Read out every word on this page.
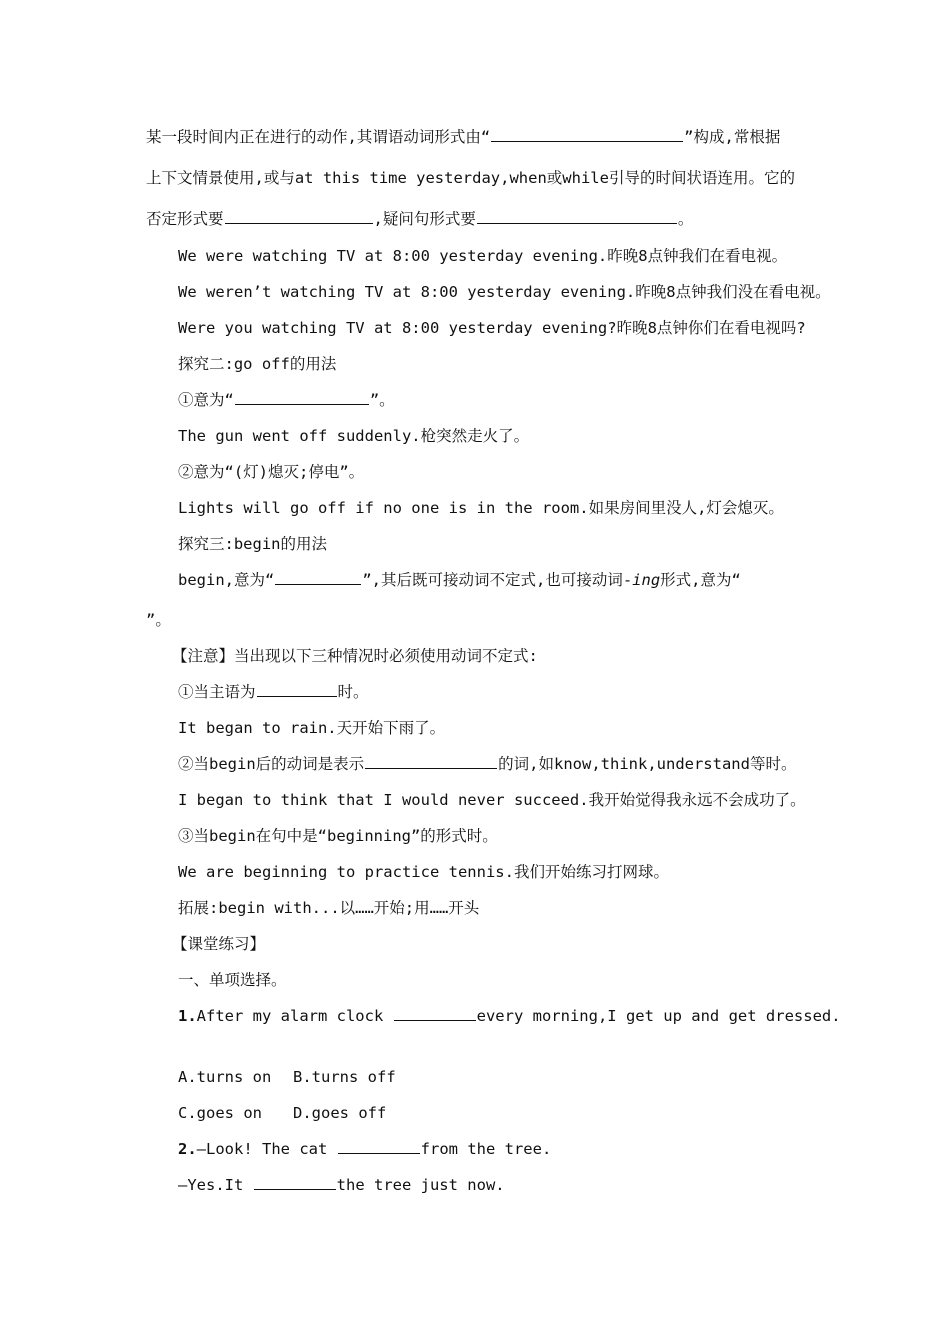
某一段时间内正在进行的动作,其谓语动词形式由“	”构成,常根据
上下文情景使用,或与at this time yesterday,when或while引导的时间状语连用。它的
否定形式要	,疑问句形式要	。
We were watching TV at 8:00 yesterday evening.昨晚8点钟我们在看电视。
We weren’t watching TV at 8:00 yesterday evening.昨晚8点钟我们没在看电视。
Were you watching TV at 8:00 yesterday evening?昨晚8点钟你们在看电视吗?
探究二:go off的用法
①意为“	”。
The gun went off suddenly.枪突然走火了。
②意为“(灯)熄灭;停电”。
Lights will go off if no one is in the room.如果房间里没人,灯会熄灭。
探究三:begin的用法
begin,意为“	”,其后既可接动词不定式,也可接动词-ing形式,意为“
”。
【注意】当出现以下三种情况时必须使用动词不定式:
①当主语为	时。
It began to rain.天开始下雨了。
②当begin后的动词是表示	的词,如know,think,understand等时。
I began to think that I would never succeed.我开始觉得我永远不会成功了。
③当begin在句中是“beginning”的形式时。
We are beginning to practice tennis.我们开始练习打网球。
拓展:begin with...以……开始;用……开头
【课堂练习】
一、单项选择。
1.After my alarm clock	every morning,I get up and get dressed.
A.turns on B.turns off
C.goes on D.goes off
2.—Look! The cat	from the tree.
—Yes.It	the tree just now.
